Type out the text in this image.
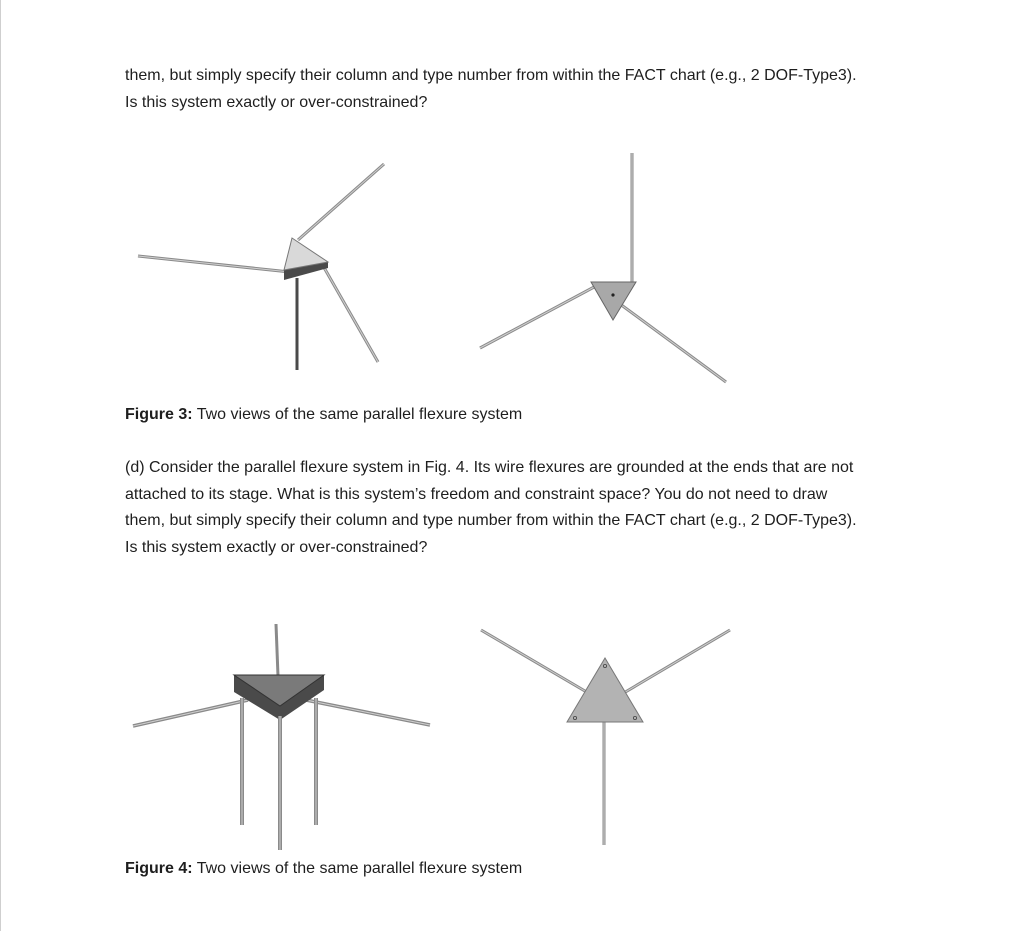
them, but simply specify their column and type number from within the FACT chart (e.g., 2 DOF-Type3).
Is this system exactly or over-constrained?
Figure 3: Two views of the same parallel flexure system
(d) Consider the parallel flexure system in Fig. 4. Its wire flexures are grounded at the ends that are not
attached to its stage. What is this system’s freedom and constraint space? You do not need to draw
them, but simply specify their column and type number from within the FACT chart (e.g., 2 DOF-Type3).
Is this system exactly or over-constrained?
Figure 4: Two views of the same parallel flexure system
